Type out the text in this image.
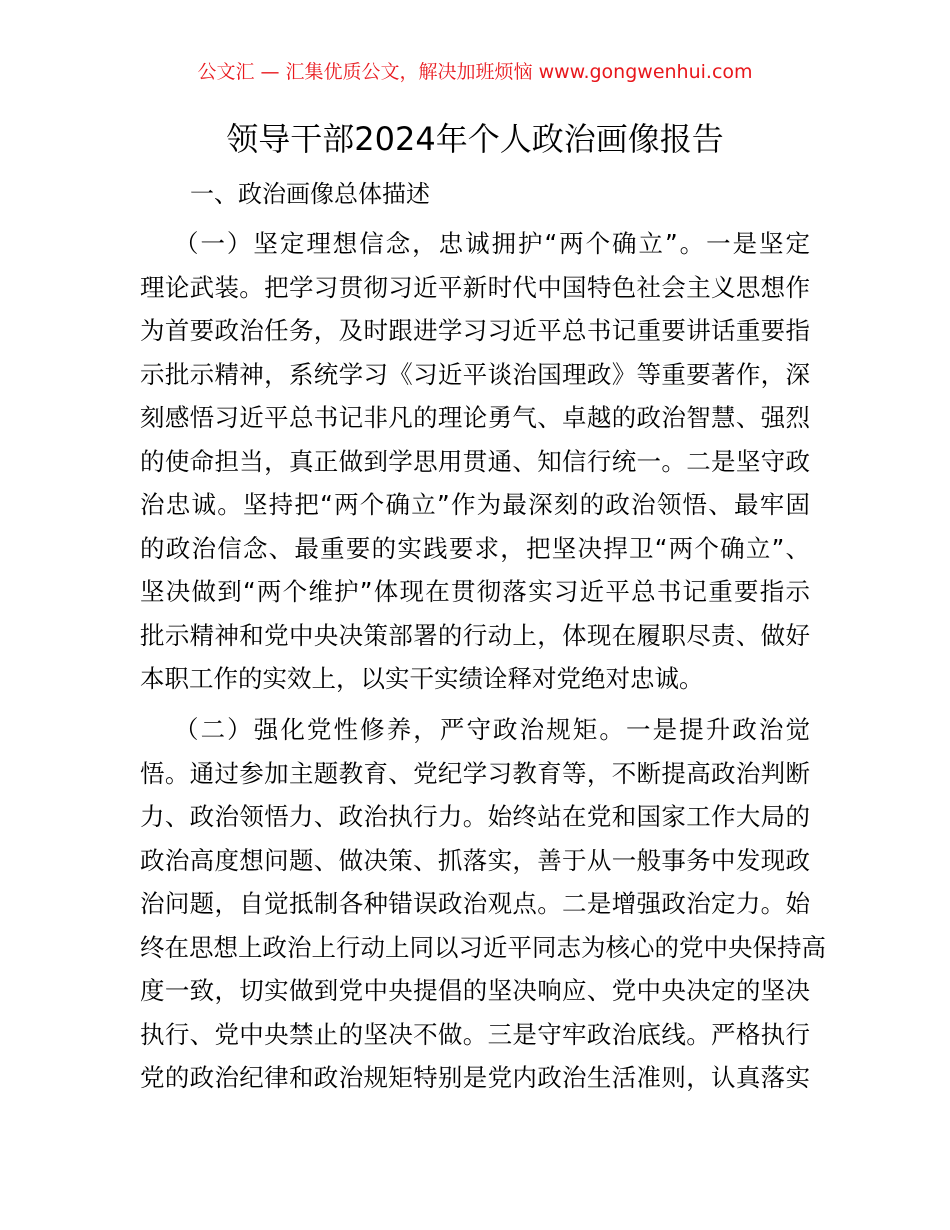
公文汇 — 汇集优质公文，解决加班烦恼 www.gongwenhui.com
领导干部2024年个人政治画像报告
一、政治画像总体描述
（一）坚定理想信念，忠诚拥护“两个确立”。一是坚定
理论武装。把学习贯彻习近平新时代中国特色社会主义思想作
为首要政治任务，及时跟进学习习近平总书记重要讲话重要指
示批示精神，系统学习《习近平谈治国理政》等重要著作，深
刻感悟习近平总书记非凡的理论勇气、卓越的政治智慧、强烈
的使命担当，真正做到学思用贯通、知信行统一。二是坚守政
治忠诚。坚持把“两个确立”作为最深刻的政治领悟、最牢固
的政治信念、最重要的实践要求，把坚决捍卫“两个确立”、
坚决做到“两个维护”体现在贯彻落实习近平总书记重要指示
批示精神和党中央决策部署的行动上，体现在履职尽责、做好
本职工作的实效上，以实干实绩诠释对党绝对忠诚。
（二）强化党性修养，严守政治规矩。一是提升政治觉
悟。通过参加主题教育、党纪学习教育等，不断提高政治判断
力、政治领悟力、政治执行力。始终站在党和国家工作大局的
政治高度想问题、做决策、抓落实，善于从一般事务中发现政
治问题，自觉抵制各种错误政治观点。二是增强政治定力。始
终在思想上政治上行动上同以习近平同志为核心的党中央保持高
度一致，切实做到党中央提倡的坚决响应、党中央决定的坚决
执行、党中央禁止的坚决不做。三是守牢政治底线。严格执行
党的政治纪律和政治规矩特别是党内政治生活准则，认真落实
